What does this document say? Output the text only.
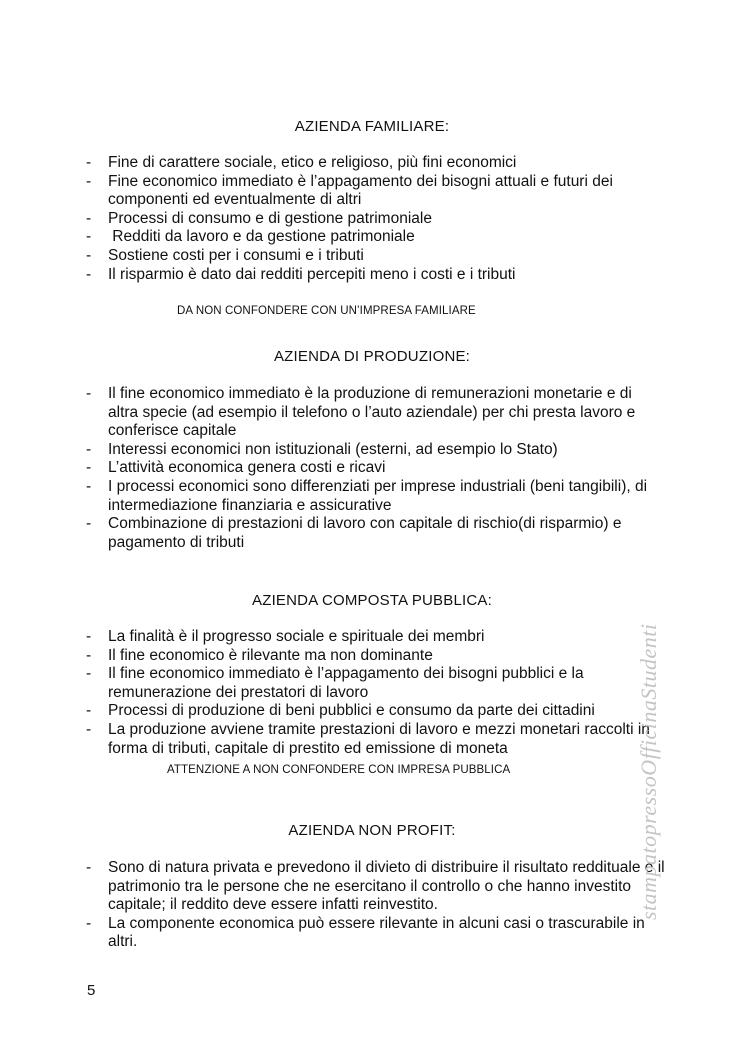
AZIENDA FAMILIARE:
- Fine di carattere sociale, etico e religioso, più fini economici
- Fine economico immediato è l’appagamento dei bisogni attuali e futuri dei componenti ed eventualmente di altri
- Processi di consumo e di gestione patrimoniale
- Redditi da lavoro e da gestione patrimoniale
- Sostiene costi per i consumi e i tributi
- Il risparmio è dato dai redditi percepiti meno i costi e i tributi
DA NON CONFONDERE CON UN’IMPRESA FAMILIARE
AZIENDA DI PRODUZIONE:
- Il fine economico immediato è la produzione di remunerazioni monetarie e di altra specie (ad esempio il telefono o l’auto aziendale) per chi presta lavoro e conferisce capitale
- Interessi economici non istituzionali (esterni, ad esempio lo Stato)
- L’attività economica genera costi e ricavi
- I processi economici sono differenziati per imprese industriali (beni tangibili), di intermediazione finanziaria e assicurative
- Combinazione di prestazioni di lavoro con capitale di rischio(di risparmio) e pagamento di tributi
AZIENDA COMPOSTA PUBBLICA:
- La finalità è il progresso sociale e spirituale dei membri
- Il fine economico è rilevante ma non dominante
- Il fine economico immediato è l’appagamento dei bisogni pubblici e la remunerazione dei prestatori di lavoro
- Processi di produzione di beni pubblici e consumo da parte dei cittadini
- La produzione avviene tramite prestazioni di lavoro e mezzi monetari raccolti in forma di tributi, capitale di prestito ed emissione di moneta
ATTENZIONE A NON CONFONDERE CON IMPRESA PUBBLICA
AZIENDA NON PROFIT:
- Sono di natura privata e prevedono il divieto di distribuire il risultato reddituale e il patrimonio tra le persone che ne esercitano il controllo o che hanno investito capitale; il reddito deve essere infatti reinvestito.
- La componente economica può essere rilevante in alcuni casi o trascurabile in altri.
5
stampatopressoOfficinaStudenti
